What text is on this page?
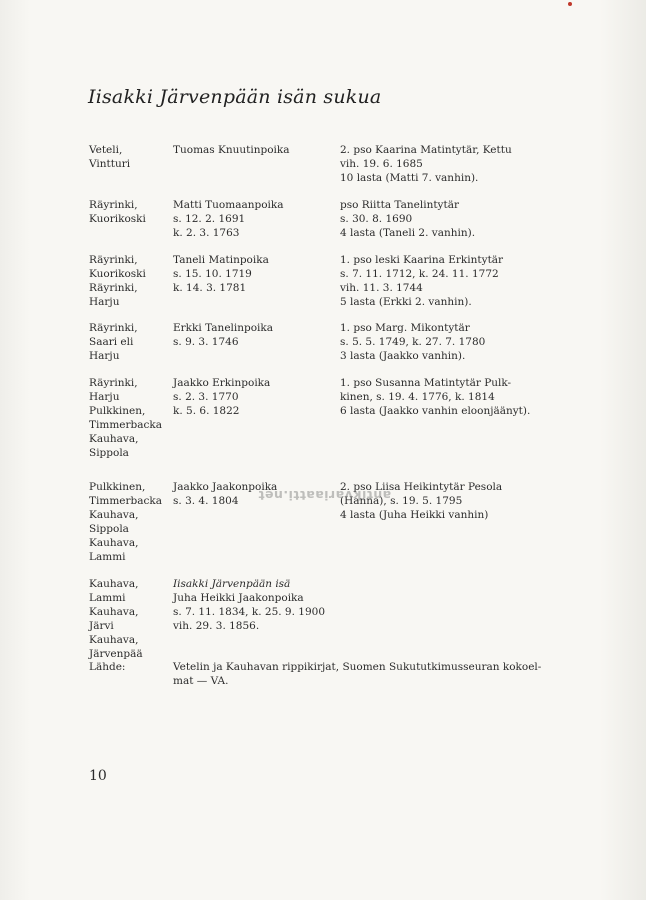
Iisakki Järvenpään isän sukua
Veteli,
Vintturi
Tuomas Knuutinpoika	2. pso Kaarina Matintytär, Kettu
vih. 19. 6. 1685
10 lasta (Matti 7. vanhin).
Räyrinki,
Kuorikoski
Matti Tuomaanpoika
s. 12. 2. 1691
k. 2. 3. 1763
pso Riitta Tanelintytär
s. 30. 8. 1690
4 lasta (Taneli 2. vanhin).
Räyrinki,
Kuorikoski
Räyrinki,
Harju
Taneli Matinpoika
s. 15. 10. 1719
k. 14. 3. 1781
1. pso leski Kaarina Erkintytär
s. 7. 11. 1712, k. 24. 11. 1772
vih. 11. 3. 1744
5 lasta (Erkki 2. vanhin).
Räyrinki,
Saari eli
Harju
Erkki Tanelinpoika
s. 9. 3. 1746
1. pso Marg. Mikontytär
s. 5. 5. 1749, k. 27. 7. 1780
3 lasta (Jaakko vanhin).
Räyrinki,
Harju
Pulkkinen,
Timmerbacka
Kauhava,
Sippola
Jaakko Erkinpoika
s. 2. 3. 1770
k. 5. 6. 1822
1. pso Susanna Matintytär Pulk-
kinen, s. 19. 4. 1776, k. 1814
6 lasta (Jaakko vanhin eloonjäänyt).
Pulkkinen,
Timmerbacka
Kauhava,
Sippola
Kauhava,
Lammi
Jaakko Jaakonpoika
s. 3. 4. 1804
2. pso Liisa Heikintytär Pesola
(Hanna), s. 19. 5. 1795
4 lasta (Juha Heikki vanhin)
Kauhava,
Lammi
Kauhava,
Järvi
Kauhava,
Järvenpää
Iisakki Järvenpään isä
Juha Heikki Jaakonpoika
s. 7. 11. 1834, k. 25. 9. 1900
vih. 29. 3. 1856.
Lähde:	Vetelin ja Kauhavan rippikirjat, Suomen Sukututkimusseuran kokoel-
mat — VA.
antikvariaatti.net
10
